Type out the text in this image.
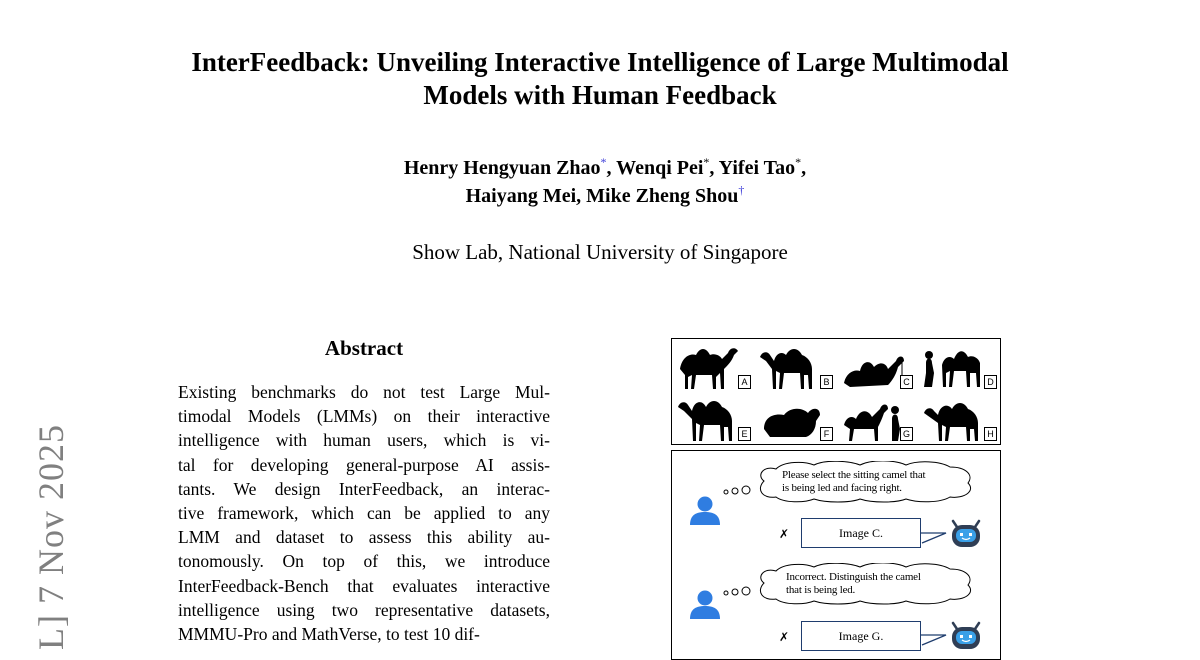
InterFeedback: Unveiling Interactive Intelligence of Large Multimodal
Models with Human Feedback
Henry Hengyuan Zhao*, Wenqi Pei*, Yifei Tao*,
Haiyang Mei, Mike Zheng Shou†
Show Lab, National University of Singapore
L] 7 Nov 2025
Abstract
Existing benchmarks do not test Large Mul-
timodal Models (LMMs) on their interactive
intelligence with human users, which is vi-
tal for developing general-purpose AI assis-
tants. We design InterFeedback, an interac-
tive framework, which can be applied to any
LMM and dataset to assess this ability au-
tonomously. On top of this, we introduce
InterFeedback-Bench that evaluates interactive
intelligence using two representative datasets,
MMMU-Pro and MathVerse, to test 10 dif-
A	B	C	D
E	F	G	H
Please select the sitting camel that
is being led and facing right.
✗	Image C.
Incorrect. Distinguish the camel
that is being led.
✗	Image G.
